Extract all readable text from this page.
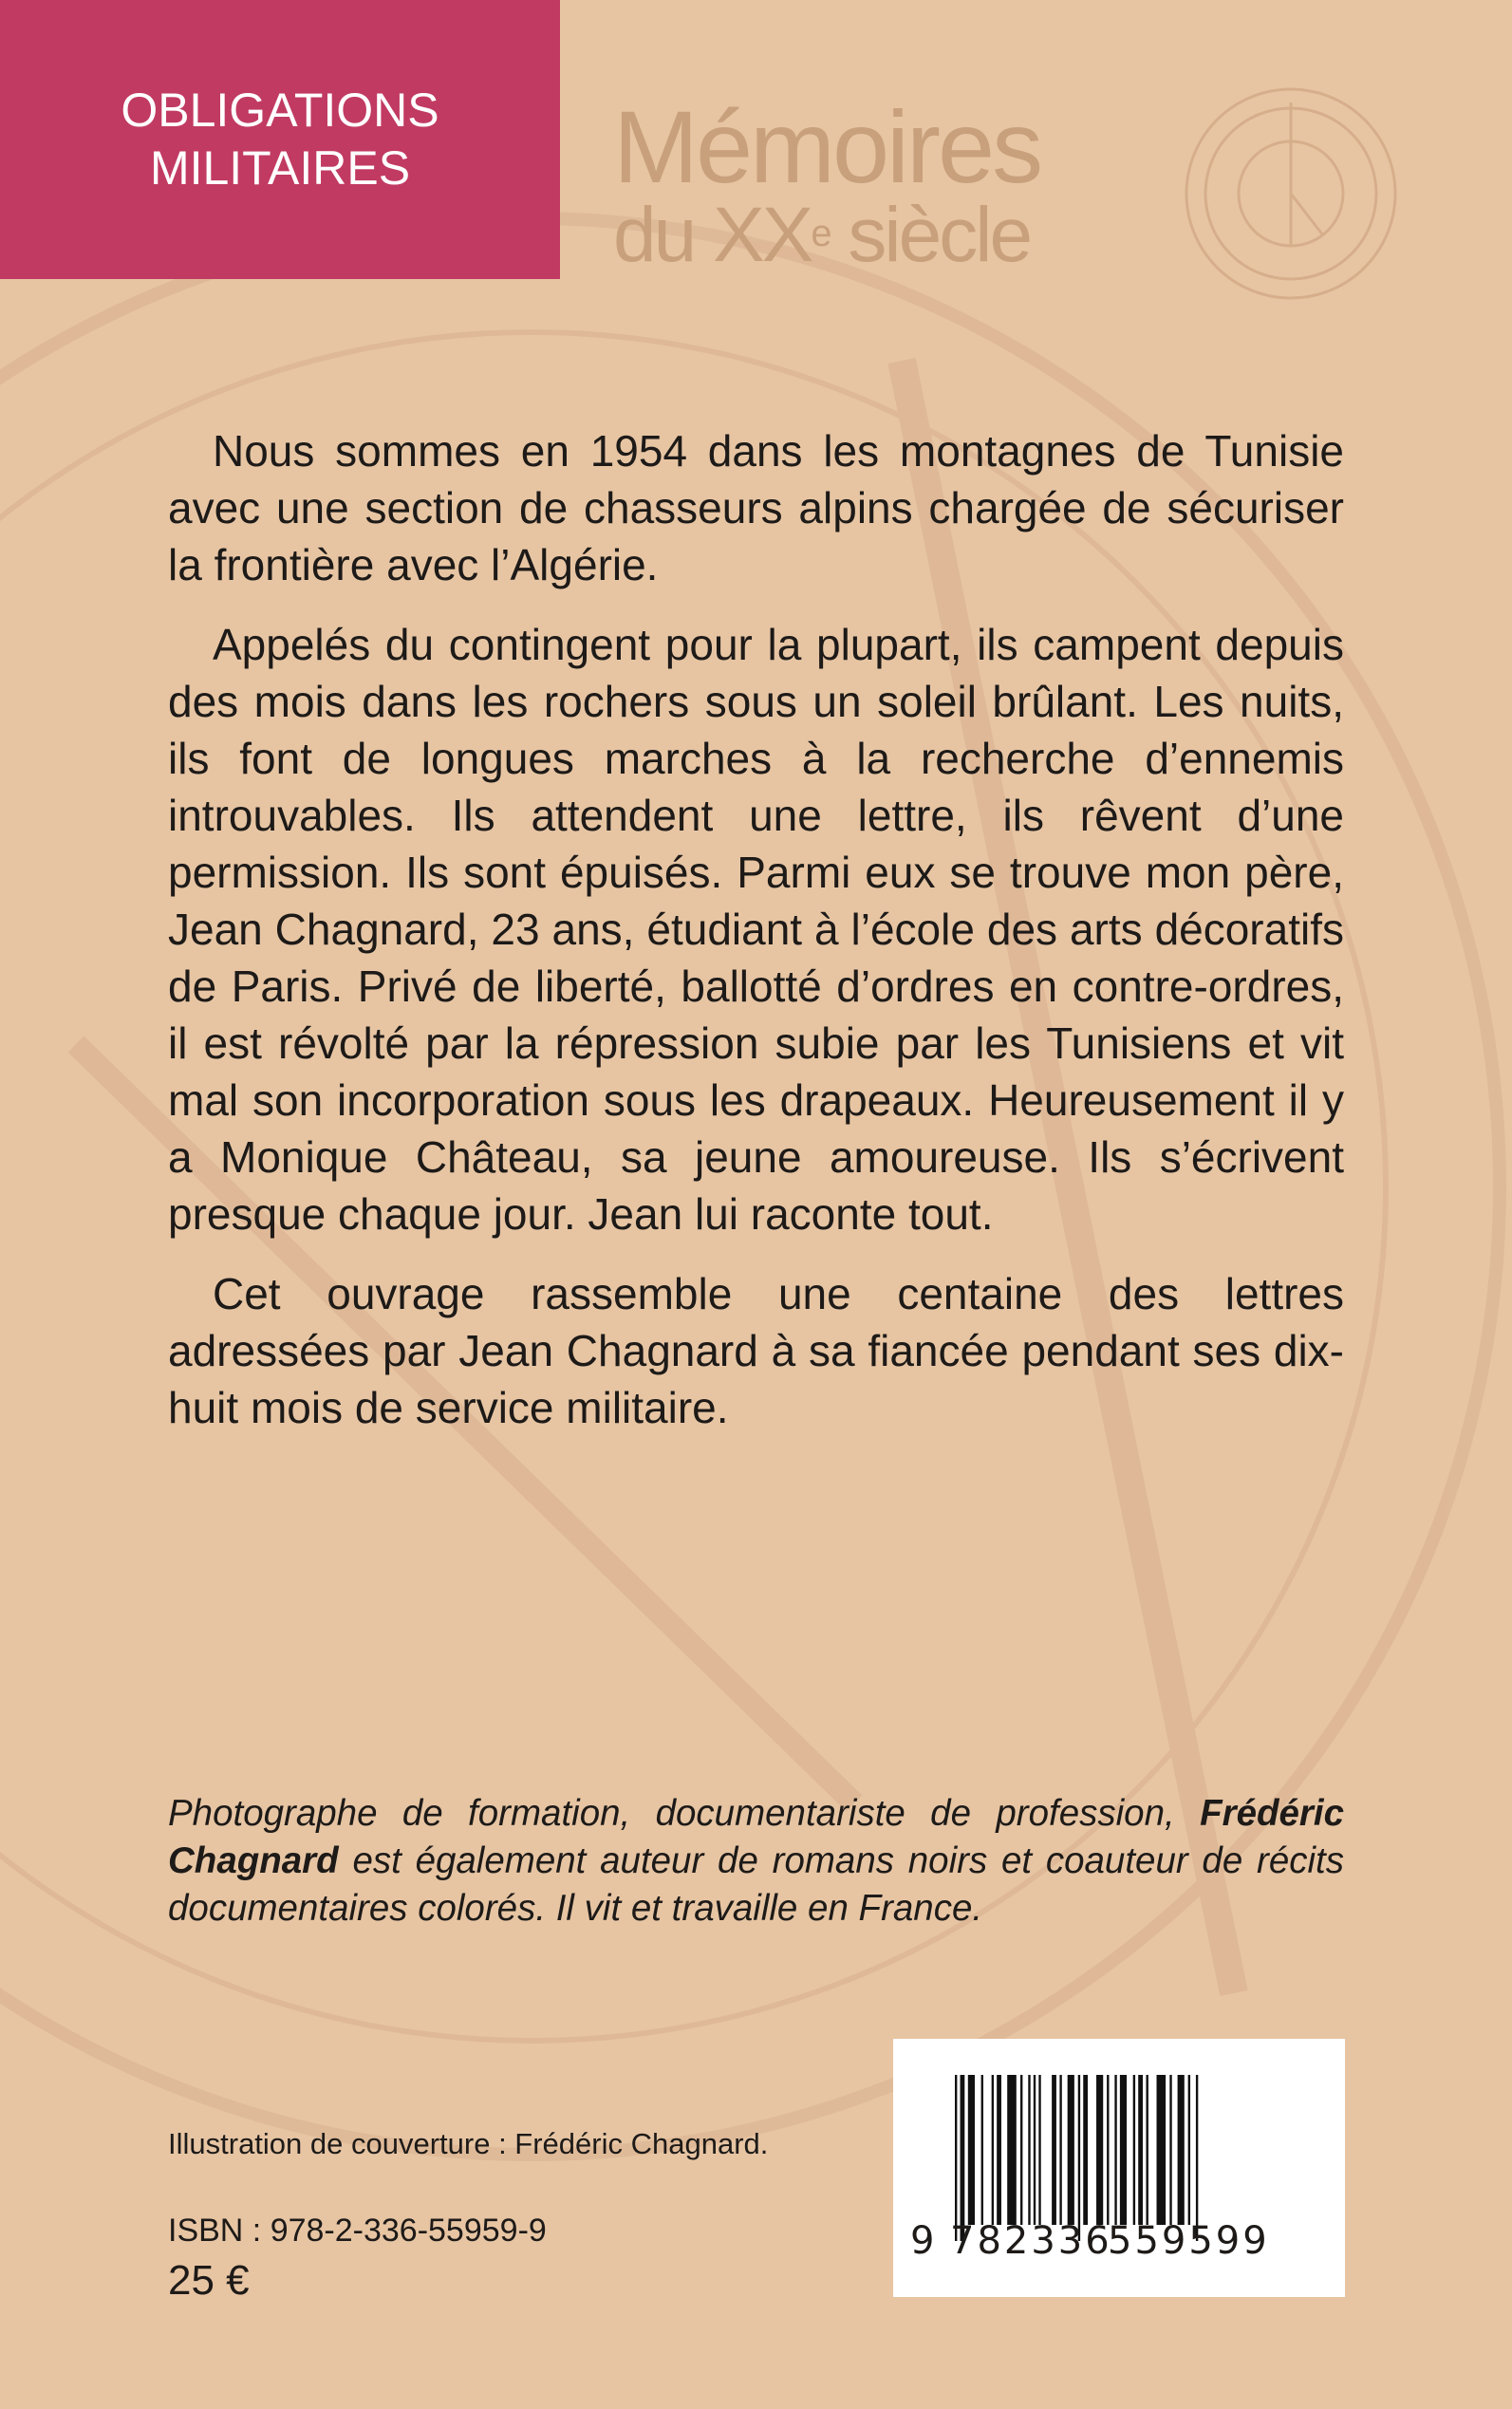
OBLIGATIONS
MILITAIRES	Mémoires
du XXe siècle

Nous sommes en 1954 dans les montagnes de Tunisie avec une section de chasseurs alpins chargée de sécuriser la frontière avec l’Algérie.

Appelés du contingent pour la plupart, ils campent depuis des mois dans les rochers sous un soleil brûlant. Les nuits, ils font de longues marches à la recherche d’ennemis introuvables. Ils attendent une lettre, ils rêvent d’une permission. Ils sont épuisés. Parmi eux se trouve mon père, Jean Chagnard, 23 ans, étudiant à l’école des arts décoratifs de Paris. Privé de liberté, ballotté d’ordres en contre-ordres, il est révolté par la répression subie par les Tunisiens et vit mal son incorporation sous les drapeaux. Heureusement il y a Monique Château, sa jeune amoureuse. Ils s’écrivent presque chaque jour. Jean lui raconte tout.

Cet ouvrage rassemble une centaine des lettres adressées par Jean Chagnard à sa fiancée pendant ses dix-huit mois de service militaire.

Photographe de formation, documentariste de profession, Frédéric Chagnard est également auteur de romans noirs et coauteur de récits documentaires colorés. Il vit et travaille en France.
Illustration de couverture : Frédéric Chagnard.
ISBN : 978-2-336-55959-9
25 €
9 782336
559599
